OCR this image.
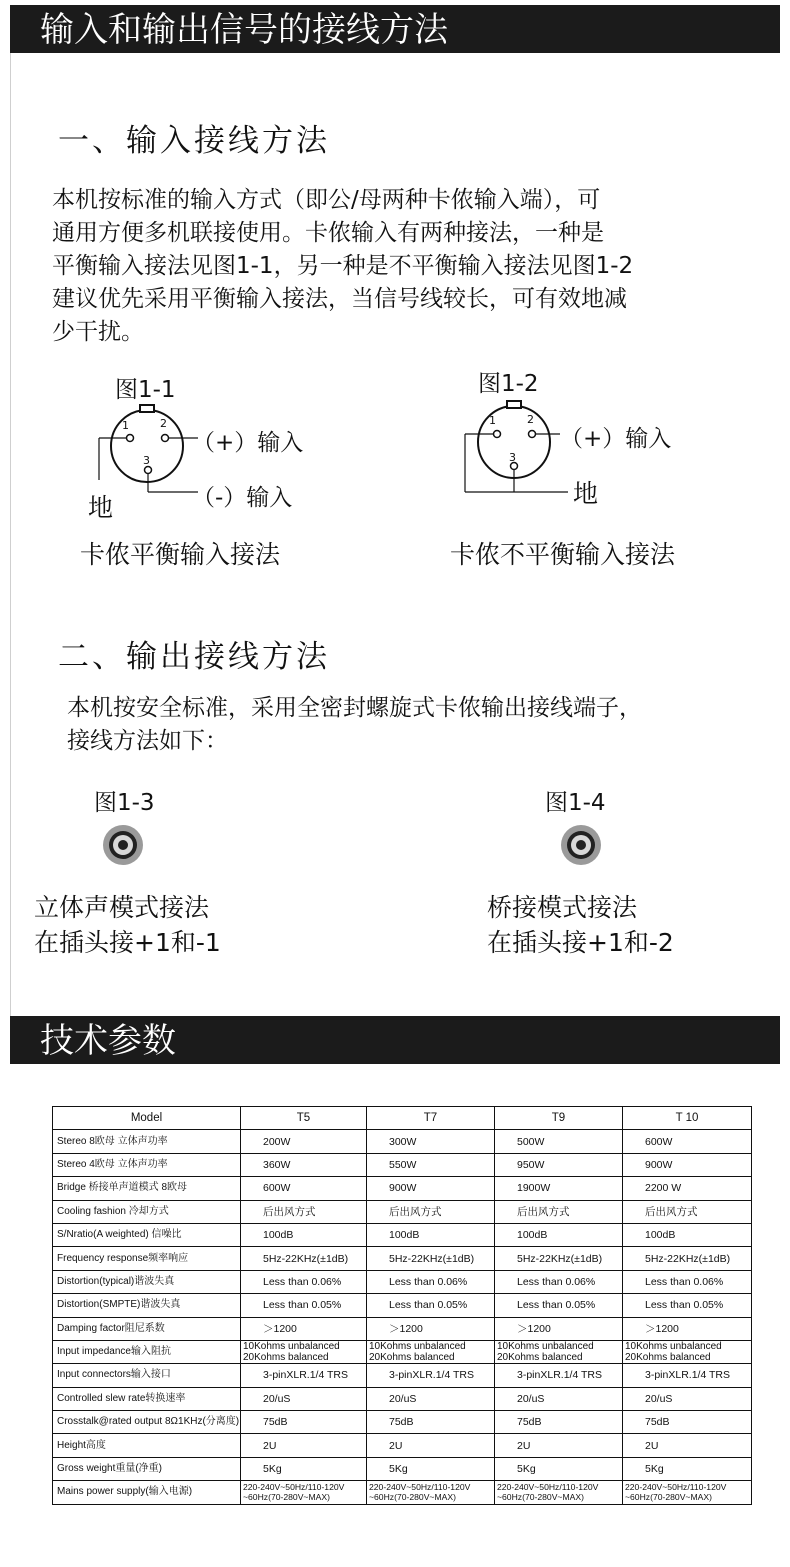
输入和输出信号的接线方法
一、输入接线方法
本机按标准的输入方式（即公/母两种卡侬输入端），可
通用方便多机联接使用。卡侬输入有两种接法，一种是
平衡输入接法见图1-1，另一种是不平衡输入接法见图1-2
建议优先采用平衡输入接法，当信号线较长，可有效地减
少干扰。
图1-1
1	2
3
（+）输入
（-）输入
地
卡侬平衡输入接法
图1-2
1	2
3
（+）输入
地
卡侬不平衡输入接法
二、输出接线方法
本机按安全标准，采用全密封螺旋式卡侬输出接线端子，
接线方法如下：
图1-3
立体声模式接法
在插头接+1和-1
图1-4
桥接模式接法
在插头接+1和-2
技术参数
Model	T5	T7	T9	T 10
Stereo 8欧母 立体声功率	200W	300W	500W	600W
Stereo 4欧母 立体声功率	360W	550W	950W	900W
Bridge 桥接单声道模式 8欧母	600W	900W	1900W	2200 W
Cooling fashion 冷却方式	后出风方式	后出风方式	后出风方式	后出风方式
S/Nratio(A weighted) 信噪比	100dB	100dB	100dB	100dB
Frequency response频率响应	5Hz-22KHz(±1dB)	5Hz-22KHz(±1dB)	5Hz-22KHz(±1dB)	5Hz-22KHz(±1dB)
Distortion(typical)谐波失真	Less than 0.06%	Less than 0.06%	Less than 0.06%	Less than 0.06%
Distortion(SMPTE)谐波失真	Less than 0.05%	Less than 0.05%	Less than 0.05%	Less than 0.05%
Damping factor阻尼系数	＞1200	＞1200	＞1200	＞1200
Input impedance输入阻抗	10Kohms unbalanced 20Kohms balanced	10Kohms unbalanced 20Kohms balanced	10Kohms unbalanced 20Kohms balanced	10Kohms unbalanced 20Kohms balanced
Input connectors输入接口	3-pinXLR.1/4 TRS	3-pinXLR.1/4 TRS	3-pinXLR.1/4 TRS	3-pinXLR.1/4 TRS
Controlled slew rate转换速率	20/uS	20/uS	20/uS	20/uS
Crosstalk@rated output 8Ω1KHz(分离度)	75dB	75dB	75dB	75dB
Height高度	2U	2U	2U	2U
Gross weight重量(净重)	5Kg	5Kg	5Kg	5Kg
Mains power supply(输入电源)	220-240V~50Hz/110-120V ~60Hz(70-280V~MAX)	220-240V~50Hz/110-120V ~60Hz(70-280V~MAX)	220-240V~50Hz/110-120V ~60Hz(70-280V~MAX)	220-240V~50Hz/110-120V ~60Hz(70-280V~MAX)
